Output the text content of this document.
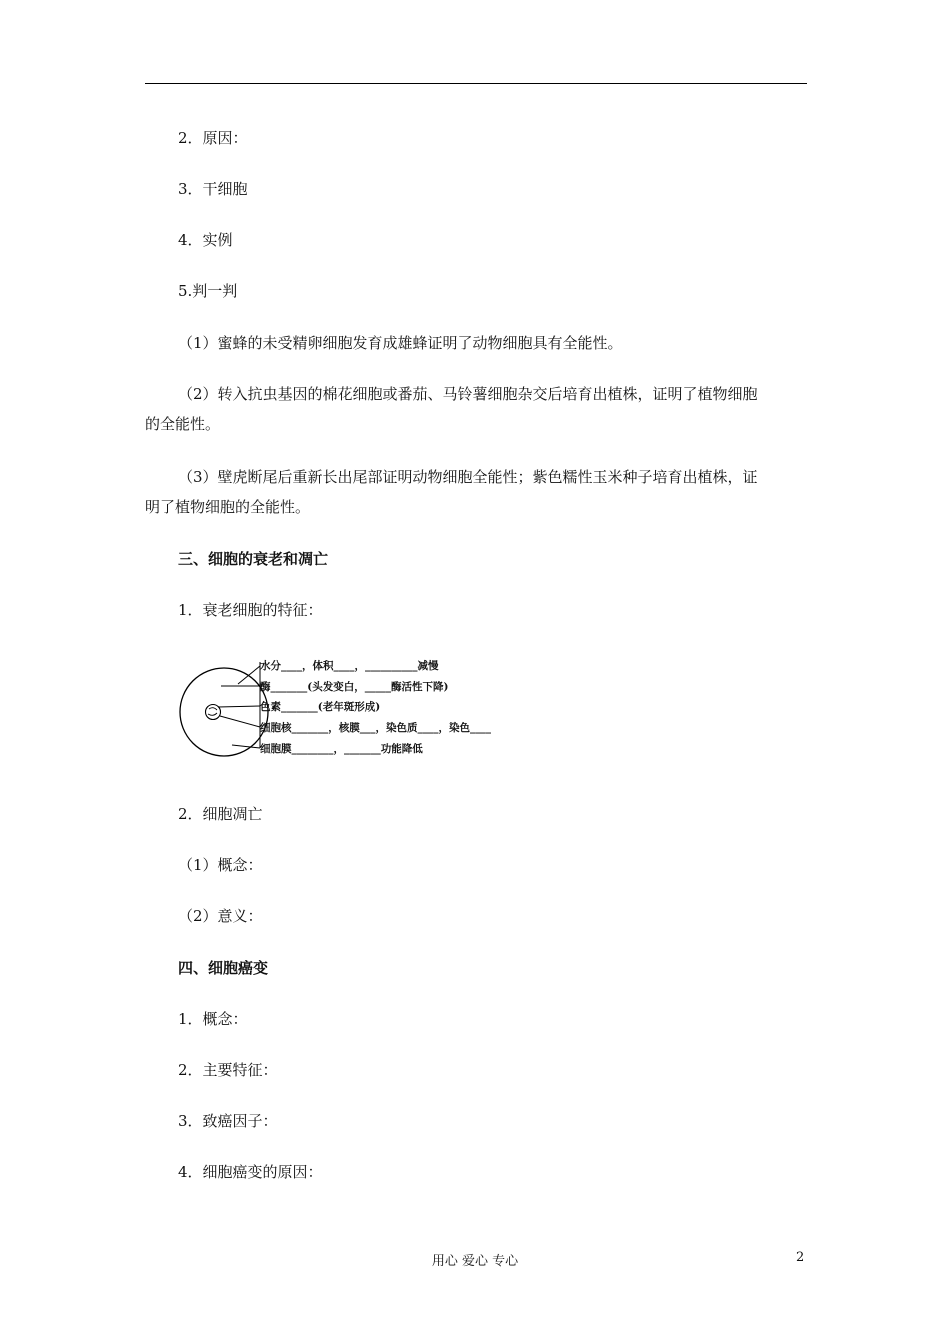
2．原因：
3．干细胞
4．实例
5.判一判
（1）蜜蜂的未受精卵细胞发育成雄蜂证明了动物细胞具有全能性。
（2）转入抗虫基因的棉花细胞或番茄、马铃薯细胞杂交后培育出植株，证明了植物细胞
的全能性。
（3）壁虎断尾后重新长出尾部证明动物细胞全能性；紫色糯性玉米种子培育出植株，证
明了植物细胞的全能性。
三、细胞的衰老和凋亡
1．衰老细胞的特征：
水分____，体积____，__________减慢
酶_______(头发变白，_____酶活性下降)
色素_______(老年斑形成)
细胞核_______，核膜___，染色质____，染色____
细胞膜________，_______功能降低
2．细胞凋亡
（1）概念：
（2）意义：
四、细胞癌变
1．概念：
2．主要特征：
3．致癌因子：
4．细胞癌变的原因：
用心 爱心 专心	2
